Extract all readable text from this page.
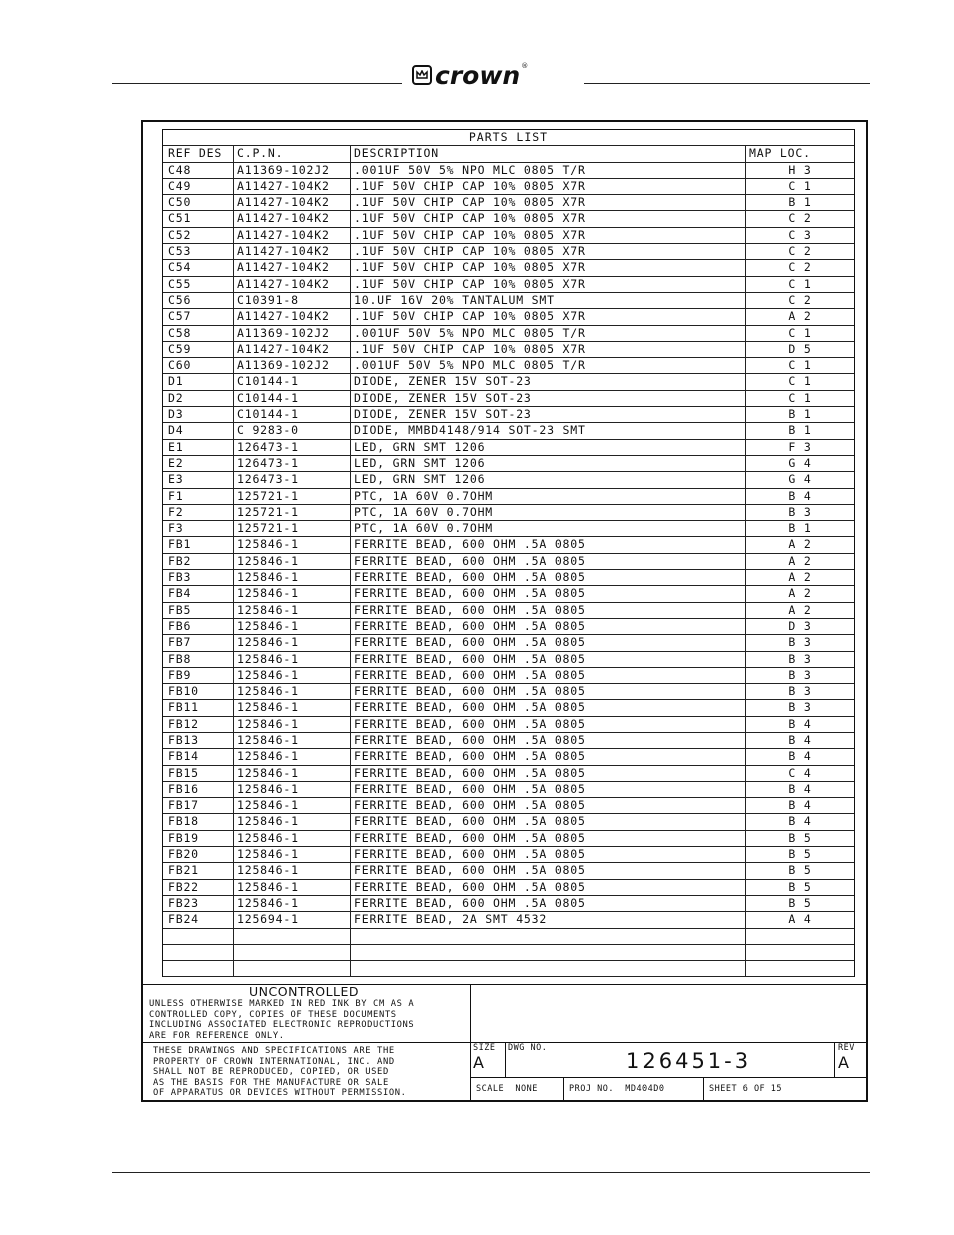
crown ®
PARTS LIST
REF DES	C.P.N.	DESCRIPTION	MAP LOC.
C48	A11369-102J2	.001UF 50V 5% NPO MLC 0805 T/R	H 3
C49	A11427-104K2	.1UF 50V CHIP CAP 10% 0805 X7R	C 1
C50	A11427-104K2	.1UF 50V CHIP CAP 10% 0805 X7R	B 1
C51	A11427-104K2	.1UF 50V CHIP CAP 10% 0805 X7R	C 2
C52	A11427-104K2	.1UF 50V CHIP CAP 10% 0805 X7R	C 3
C53	A11427-104K2	.1UF 50V CHIP CAP 10% 0805 X7R	C 2
C54	A11427-104K2	.1UF 50V CHIP CAP 10% 0805 X7R	C 2
C55	A11427-104K2	.1UF 50V CHIP CAP 10% 0805 X7R	C 1
C56	C10391-8	10.UF 16V 20% TANTALUM SMT	C 2
C57	A11427-104K2	.1UF 50V CHIP CAP 10% 0805 X7R	A 2
C58	A11369-102J2	.001UF 50V 5% NPO MLC 0805 T/R	C 1
C59	A11427-104K2	.1UF 50V CHIP CAP 10% 0805 X7R	D 5
C60	A11369-102J2	.001UF 50V 5% NPO MLC 0805 T/R	C 1
D1	C10144-1	DIODE, ZENER 15V SOT-23	C 1
D2	C10144-1	DIODE, ZENER 15V SOT-23	C 1
D3	C10144-1	DIODE, ZENER 15V SOT-23	B 1
D4	C 9283-0	DIODE, MMBD4148/914 SOT-23 SMT	B 1
E1	126473-1	LED, GRN SMT 1206	F 3
E2	126473-1	LED, GRN SMT 1206	G 4
E3	126473-1	LED, GRN SMT 1206	G 4
F1	125721-1	PTC, 1A 60V 0.7OHM	B 4
F2	125721-1	PTC, 1A 60V 0.7OHM	B 3
F3	125721-1	PTC, 1A 60V 0.7OHM	B 1
FB1	125846-1	FERRITE BEAD, 600 OHM .5A 0805	A 2
FB2	125846-1	FERRITE BEAD, 600 OHM .5A 0805	A 2
FB3	125846-1	FERRITE BEAD, 600 OHM .5A 0805	A 2
FB4	125846-1	FERRITE BEAD, 600 OHM .5A 0805	A 2
FB5	125846-1	FERRITE BEAD, 600 OHM .5A 0805	A 2
FB6	125846-1	FERRITE BEAD, 600 OHM .5A 0805	D 3
FB7	125846-1	FERRITE BEAD, 600 OHM .5A 0805	B 3
FB8	125846-1	FERRITE BEAD, 600 OHM .5A 0805	B 3
FB9	125846-1	FERRITE BEAD, 600 OHM .5A 0805	B 3
FB10	125846-1	FERRITE BEAD, 600 OHM .5A 0805	B 3
FB11	125846-1	FERRITE BEAD, 600 OHM .5A 0805	B 3
FB12	125846-1	FERRITE BEAD, 600 OHM .5A 0805	B 4
FB13	125846-1	FERRITE BEAD, 600 OHM .5A 0805	B 4
FB14	125846-1	FERRITE BEAD, 600 OHM .5A 0805	B 4
FB15	125846-1	FERRITE BEAD, 600 OHM .5A 0805	C 4
FB16	125846-1	FERRITE BEAD, 600 OHM .5A 0805	B 4
FB17	125846-1	FERRITE BEAD, 600 OHM .5A 0805	B 4
FB18	125846-1	FERRITE BEAD, 600 OHM .5A 0805	B 4
FB19	125846-1	FERRITE BEAD, 600 OHM .5A 0805	B 5
FB20	125846-1	FERRITE BEAD, 600 OHM .5A 0805	B 5
FB21	125846-1	FERRITE BEAD, 600 OHM .5A 0805	B 5
FB22	125846-1	FERRITE BEAD, 600 OHM .5A 0805	B 5
FB23	125846-1	FERRITE BEAD, 600 OHM .5A 0805	B 5
FB24	125694-1	FERRITE BEAD, 2A SMT 4532	A 4
UNCONTROLLED
UNLESS OTHERWISE MARKED IN RED INK BY CM AS A
CONTROLLED COPY, COPIES OF THESE DOCUMENTS
INCLUDING ASSOCIATED ELECTRONIC REPRODUCTIONS
ARE FOR REFERENCE ONLY.
THESE DRAWINGS AND SPECIFICATIONS ARE THE
PROPERTY OF CROWN INTERNATIONAL, INC. AND
SHALL NOT BE REPRODUCED, COPIED, OR USED
AS THE BASIS FOR THE MANUFACTURE OR SALE
OF APPARATUS OR DEVICES WITHOUT PERMISSION.
SIZE
A
DWG NO.
126451-3
REV
A
SCALE NONE	PROJ NO. MD404D0	SHEET 6 OF 15
